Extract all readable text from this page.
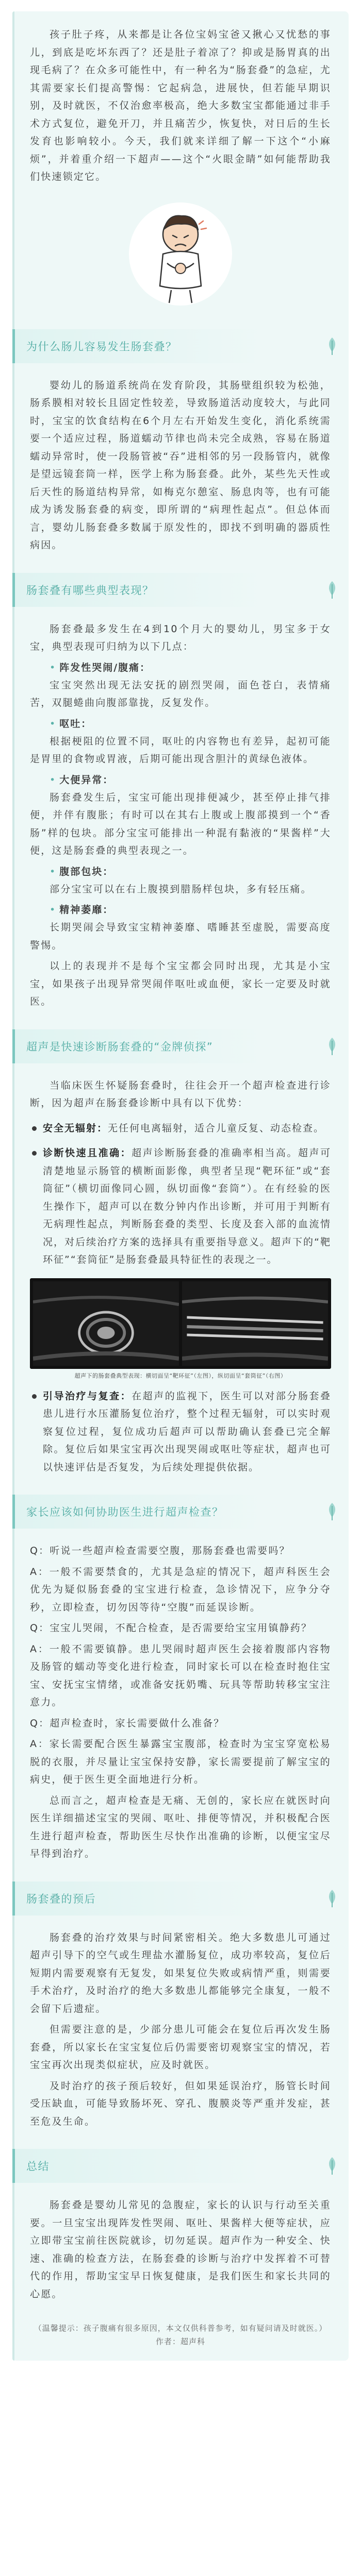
孩子肚子疼，从来都是让各位宝妈宝爸又揪心又忧愁的事儿，到底是吃坏东西了？还是肚子着凉了？抑或是肠胃真的出现毛病了？在众多可能性中，有一种名为“肠套叠”的急症，尤其需要家长们提高警惕：它起病急，进展快，但若能早期识别，及时就医，不仅治愈率极高，绝大多数宝宝都能通过非手术方式复位，避免开刀，并且痛苦少，恢复快，对日后的生长发育也影响较小。今天，我们就来详细了解一下这个“小麻烦”，并着重介绍一下超声——这个“火眼金睛”如何能帮助我们快速锁定它。

为什么肠儿容易发生肠套叠？

婴幼儿的肠道系统尚在发育阶段，其肠壁组织较为松弛，肠系膜相对较长且固定性较差，导致肠道活动度较大，与此同时，宝宝的饮食结构在6个月左右开始发生变化，消化系统需要一个适应过程，肠道蠕动节律也尚未完全成熟，容易在肠道蠕动异常时，使一段肠管被“吞”进相邻的另一段肠管内，就像是望远镜套筒一样，医学上称为肠套叠。此外，某些先天性或后天性的肠道结构异常，如梅克尔憩室、肠息肉等，也有可能成为诱发肠套叠的病变，即所谓的“病理性起点”。但总体而言，婴幼儿肠套叠多数属于原发性的，即找不到明确的器质性病因。

肠套叠有哪些典型表现？

肠套叠最多发生在4到10个月大的婴幼儿，男宝多于女宝，典型表现可归纳为以下几点：

• 阵发性哭闹/腹痛：

宝宝突然出现无法安抚的剧烈哭闹，面色苍白，表情痛苦，双腿蜷曲向腹部靠拢，反复发作。

• 呕吐：

根据梗阻的位置不同，呕吐的内容物也有差异，起初可能是胃里的食物或胃液，后期可能出现含胆汁的黄绿色液体。

• 大便异常：

肠套叠发生后，宝宝可能出现排便减少，甚至停止排气排便，并伴有腹胀；有时可以在其右上腹或上腹部摸到一个“香肠”样的包块。部分宝宝可能排出一种混有黏液的“果酱样”大便，这是肠套叠的典型表现之一。

• 腹部包块：

部分宝宝可以在右上腹摸到腊肠样包块，多有轻压痛。

• 精神萎靡：

长期哭闹会导致宝宝精神萎靡、嗜睡甚至虚脱，需要高度警惕。

以上的表现并不是每个宝宝都会同时出现，尤其是小宝宝，如果孩子出现异常哭闹伴呕吐或血便，家长一定要及时就医。

超声是快速诊断肠套叠的“金牌侦探”

当临床医生怀疑肠套叠时，往往会开一个超声检查进行诊断，因为超声在肠套叠诊断中具有以下优势：

安全无辐射：无任何电离辐射，适合儿童反复、动态检查。
诊断快速且准确：超声诊断肠套叠的准确率相当高。超声可清楚地显示肠管的横断面影像，典型者呈现“靶环征”或“套筒征”（横切面像同心圆，纵切面像“套筒”）。在有经验的医生操作下，超声可以在数分钟内作出诊断，并可用于判断有无病理性起点，判断肠套叠的类型、长度及套入部的血流情况，对后续治疗方案的选择具有重要指导意义。超声下的“靶环征”“套筒征”是肠套叠最具特征性的表现之一。
超声下的肠套叠典型表现：横切面呈“靶环征”（左图），纵切面呈“套筒征”（右图）
引导治疗与复查：在超声的监视下，医生可以对部分肠套叠患儿进行水压灌肠复位治疗，整个过程无辐射，可以实时观察复位过程，复位成功后超声可以帮助确认套叠已完全解除。复位后如果宝宝再次出现哭闹或呕吐等症状，超声也可以快速评估是否复发，为后续处理提供依据。
家长应该如何协助医生进行超声检查？

Q：听说一些超声检查需要空腹，那肠套叠也需要吗？

A：一般不需要禁食的，尤其是急症的情况下，超声科医生会优先为疑似肠套叠的宝宝进行检查，急诊情况下，应争分夺秒，立即检查，切勿因等待“空腹”而延误诊断。

Q：宝宝儿哭闹，不配合检查，是否需要给宝宝用镇静药？

A：一般不需要镇静。患儿哭闹时超声医生会接着腹部内容物及肠管的蠕动等变化进行检查，同时家长可以在检查时抱住宝宝、安抚宝宝情绪，或准备安抚奶嘴、玩具等帮助转移宝宝注意力。

Q：超声检查时，家长需要做什么准备？

A：家长需要配合医生暴露宝宝腹部，检查时为宝宝穿宽松易脱的衣服，并尽量让宝宝保持安静，家长需要提前了解宝宝的病史，便于医生更全面地进行分析。

总而言之，超声检查是无痛、无创的，家长应在就医时向医生详细描述宝宝的哭闹、呕吐、排便等情况，并积极配合医生进行超声检查，帮助医生尽快作出准确的诊断，以便宝宝尽早得到治疗。

肠套叠的预后

肠套叠的治疗效果与时间紧密相关。绝大多数患儿可通过超声引导下的空气或生理盐水灌肠复位，成功率较高，复位后短期内需要观察有无复发，如果复位失败或病情严重，则需要手术治疗，及时治疗的绝大多数患儿都能够完全康复，一般不会留下后遗症。

但需要注意的是，少部分患儿可能会在复位后再次发生肠套叠，所以家长在宝宝复位后仍需要密切观察宝宝的情况，若宝宝再次出现类似症状，应及时就医。

及时治疗的孩子预后较好，但如果延误治疗，肠管长时间受压缺血，可能导致肠坏死、穿孔、腹膜炎等严重并发症，甚至危及生命。

总结

肠套叠是婴幼儿常见的急腹症，家长的认识与行动至关重要。一旦宝宝出现阵发性哭闹、呕吐、果酱样大便等症状，应立即带宝宝前往医院就诊，切勿延误。超声作为一种安全、快速、准确的检查方法，在肠套叠的诊断与治疗中发挥着不可替代的作用，帮助宝宝早日恢复健康，是我们医生和家长共同的心愿。

（温馨提示：孩子腹痛有很多原因，本文仅供科普参考，如有疑问请及时就医。）
作者：超声科
